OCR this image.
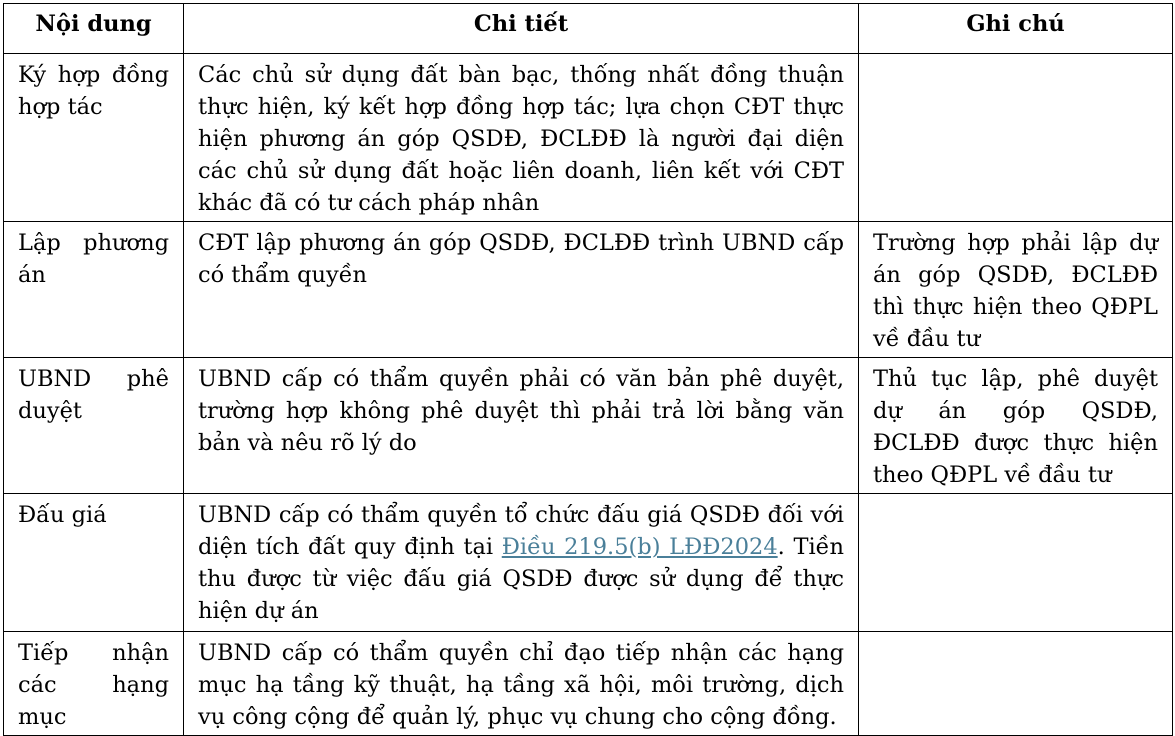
Nội dung	Chi tiết	Ghi chú
Ký hợp đồng hợp tác	Các chủ sử dụng đất bàn bạc, thống nhất đồng thuận thực hiện, ký kết hợp đồng hợp tác; lựa chọn CĐT thực hiện phương án góp QSDĐ, ĐCLĐĐ là người đại diện các chủ sử dụng đất hoặc liên doanh, liên kết với CĐT khác đã có tư cách pháp nhân	
Lập phương án	CĐT lập phương án góp QSDĐ, ĐCLĐĐ trình UBND cấp có thẩm quyền	Trường hợp phải lập dự án góp QSDĐ, ĐCLĐĐ thì thực hiện theo QĐPL về đầu tư
UBND phê duyệt	UBND cấp có thẩm quyền phải có văn bản phê duyệt, trường hợp không phê duyệt thì phải trả lời bằng văn bản và nêu rõ lý do	Thủ tục lập, phê duyệt dự án góp QSDĐ, ĐCLĐĐ được thực hiện theo QĐPL về đầu tư
Đấu giá	UBND cấp có thẩm quyền tổ chức đấu giá QSDĐ đối với diện tích đất quy định tại Điều 219.5(b) LĐĐ2024. Tiền thu được từ việc đấu giá QSDĐ được sử dụng để thực hiện dự án	
Tiếp nhận các hạng mục	UBND cấp có thẩm quyền chỉ đạo tiếp nhận các hạng mục hạ tầng kỹ thuật, hạ tầng xã hội, môi trường, dịch vụ công cộng để quản lý, phục vụ chung cho cộng đồng.	
